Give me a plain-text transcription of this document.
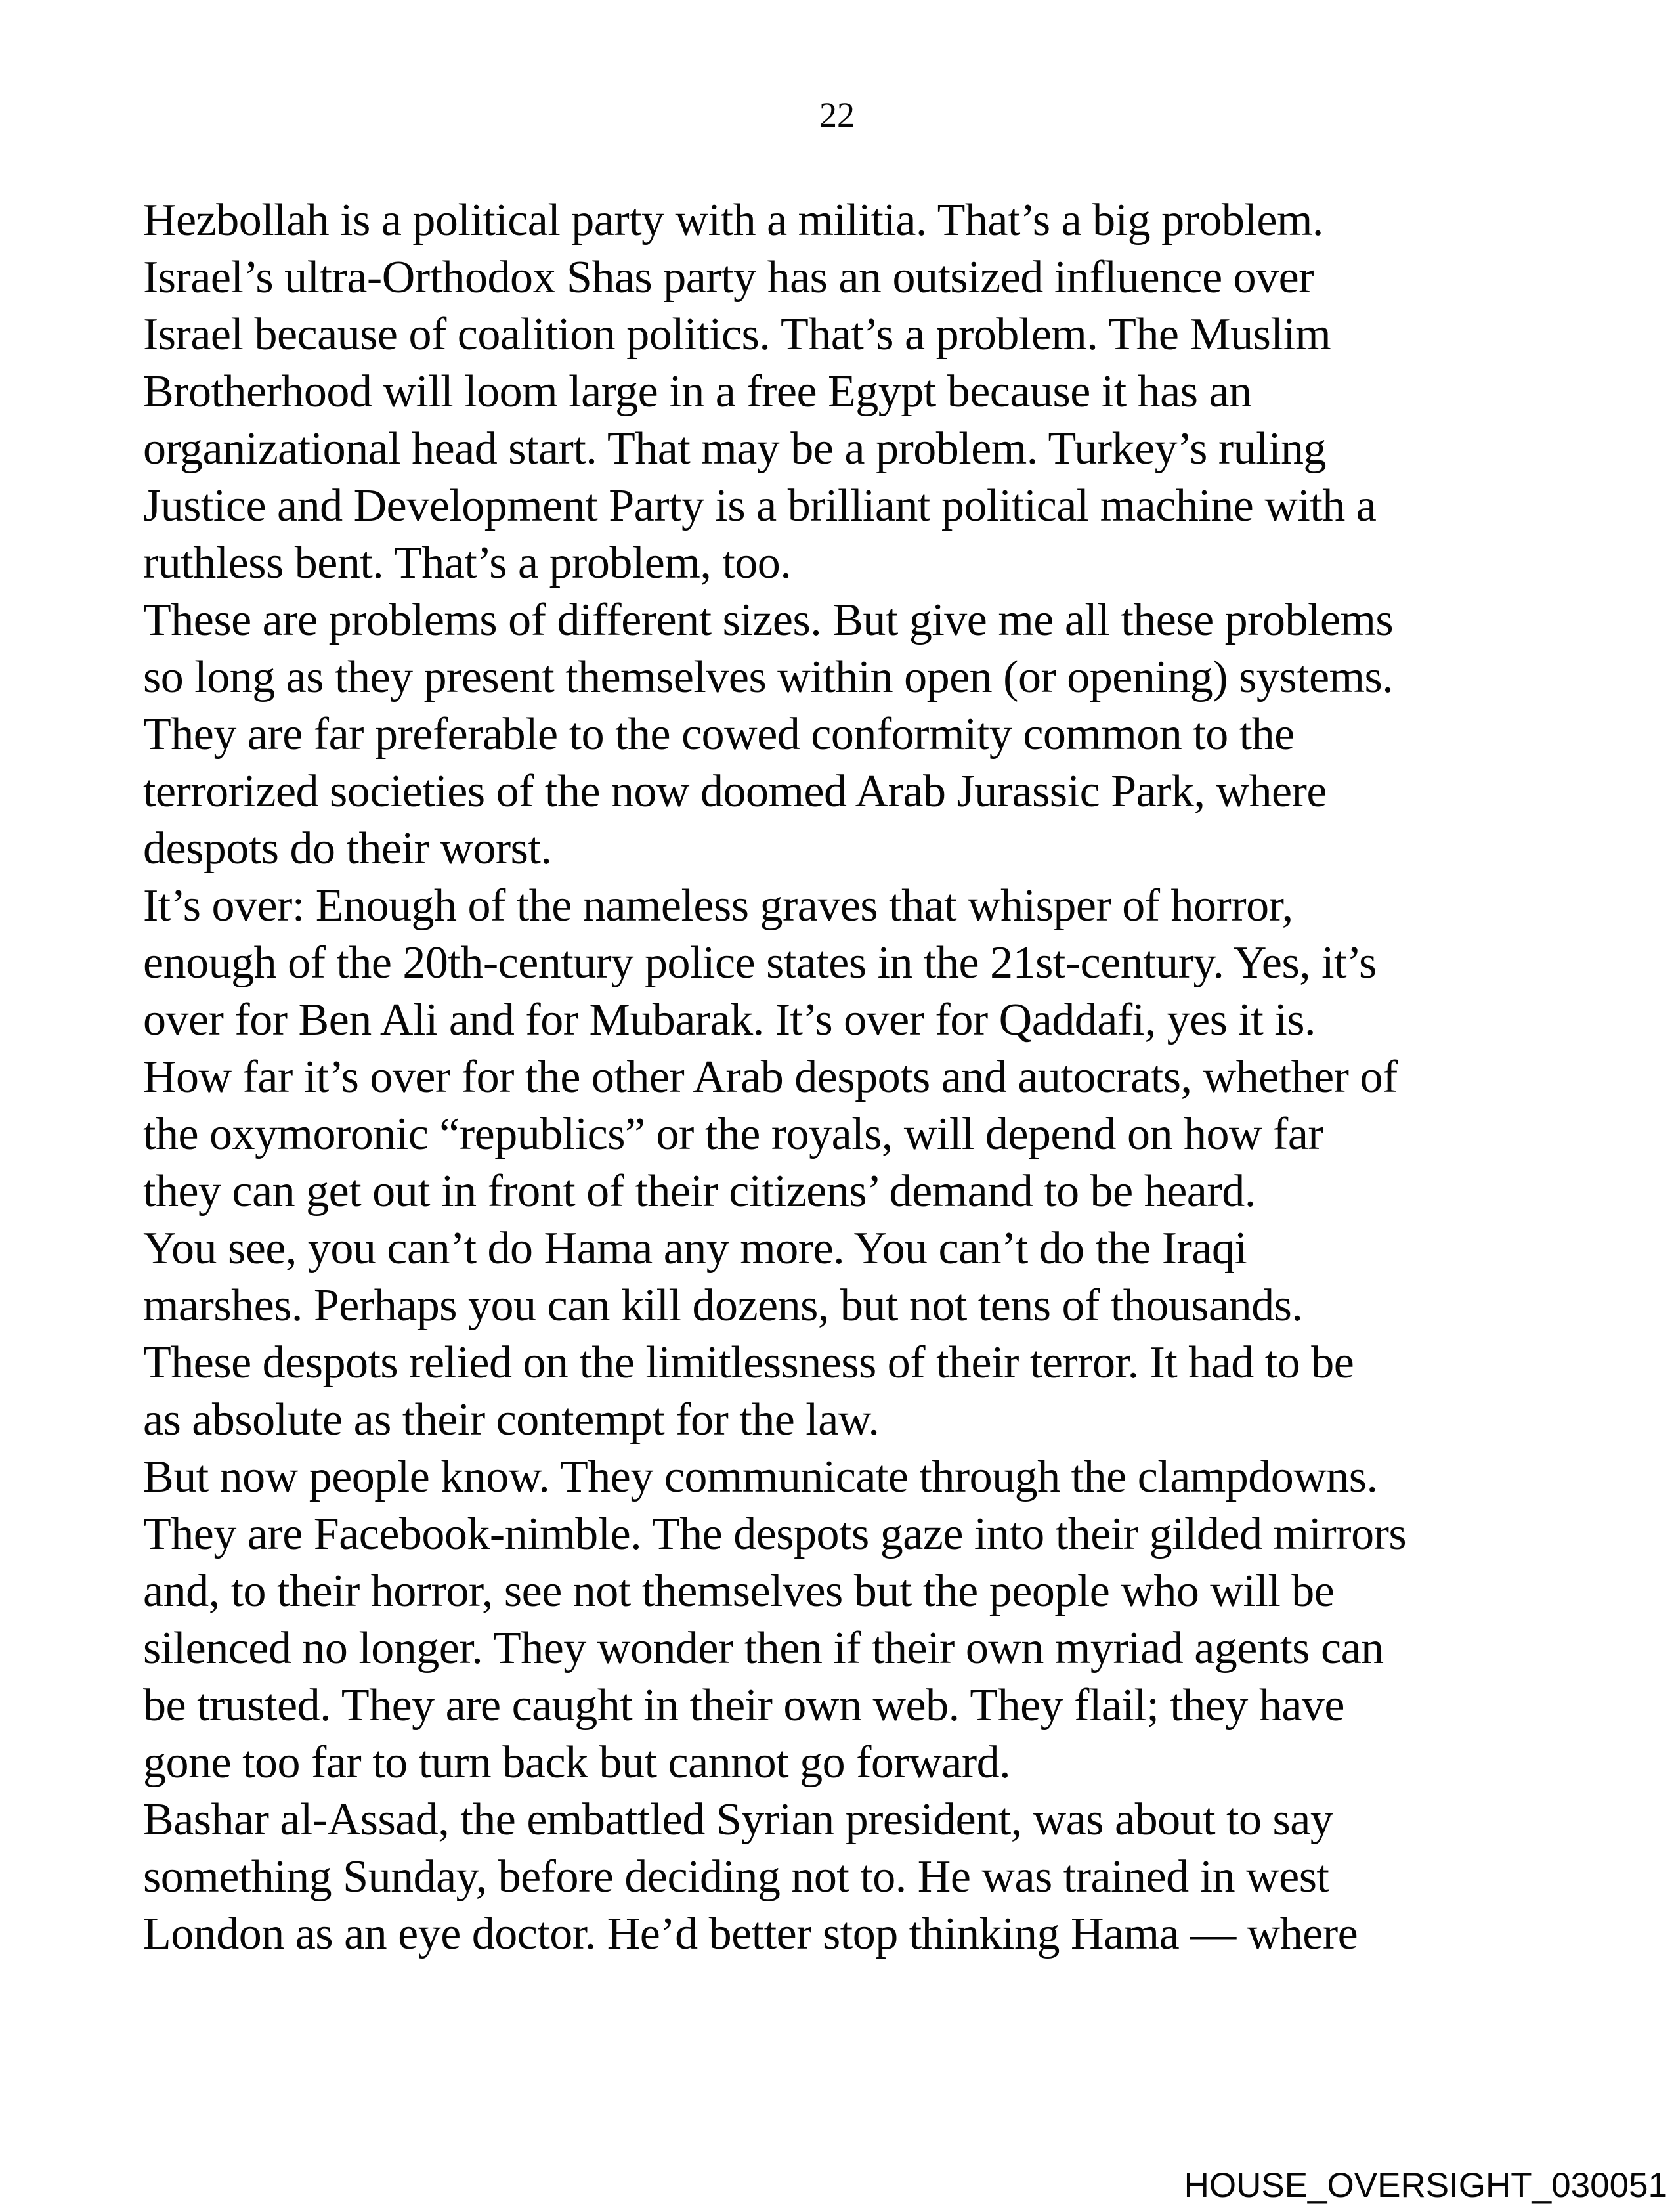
22
Hezbollah is a political party with a militia. That’s a big problem.
Israel’s ultra-Orthodox Shas party has an outsized influence over
Israel because of coalition politics. That’s a problem. The Muslim
Brotherhood will loom large in a free Egypt because it has an
organizational head start. That may be a problem. Turkey’s ruling
Justice and Development Party is a brilliant political machine with a
ruthless bent. That’s a problem, too.
These are problems of different sizes. But give me all these problems
so long as they present themselves within open (or opening) systems.
They are far preferable to the cowed conformity common to the
terrorized societies of the now doomed Arab Jurassic Park, where
despots do their worst.
It’s over: Enough of the nameless graves that whisper of horror,
enough of the 20th-century police states in the 21st-century. Yes, it’s
over for Ben Ali and for Mubarak. It’s over for Qaddafi, yes it is.
How far it’s over for the other Arab despots and autocrats, whether of
the oxymoronic “republics” or the royals, will depend on how far
they can get out in front of their citizens’ demand to be heard.
You see, you can’t do Hama any more. You can’t do the Iraqi
marshes. Perhaps you can kill dozens, but not tens of thousands.
These despots relied on the limitlessness of their terror. It had to be
as absolute as their contempt for the law.
But now people know. They communicate through the clampdowns.
They are Facebook-nimble. The despots gaze into their gilded mirrors
and, to their horror, see not themselves but the people who will be
silenced no longer. They wonder then if their own myriad agents can
be trusted. They are caught in their own web. They flail; they have
gone too far to turn back but cannot go forward.
Bashar al-Assad, the embattled Syrian president, was about to say
something Sunday, before deciding not to. He was trained in west
London as an eye doctor. He’d better stop thinking Hama — where
HOUSE_OVERSIGHT_030051
